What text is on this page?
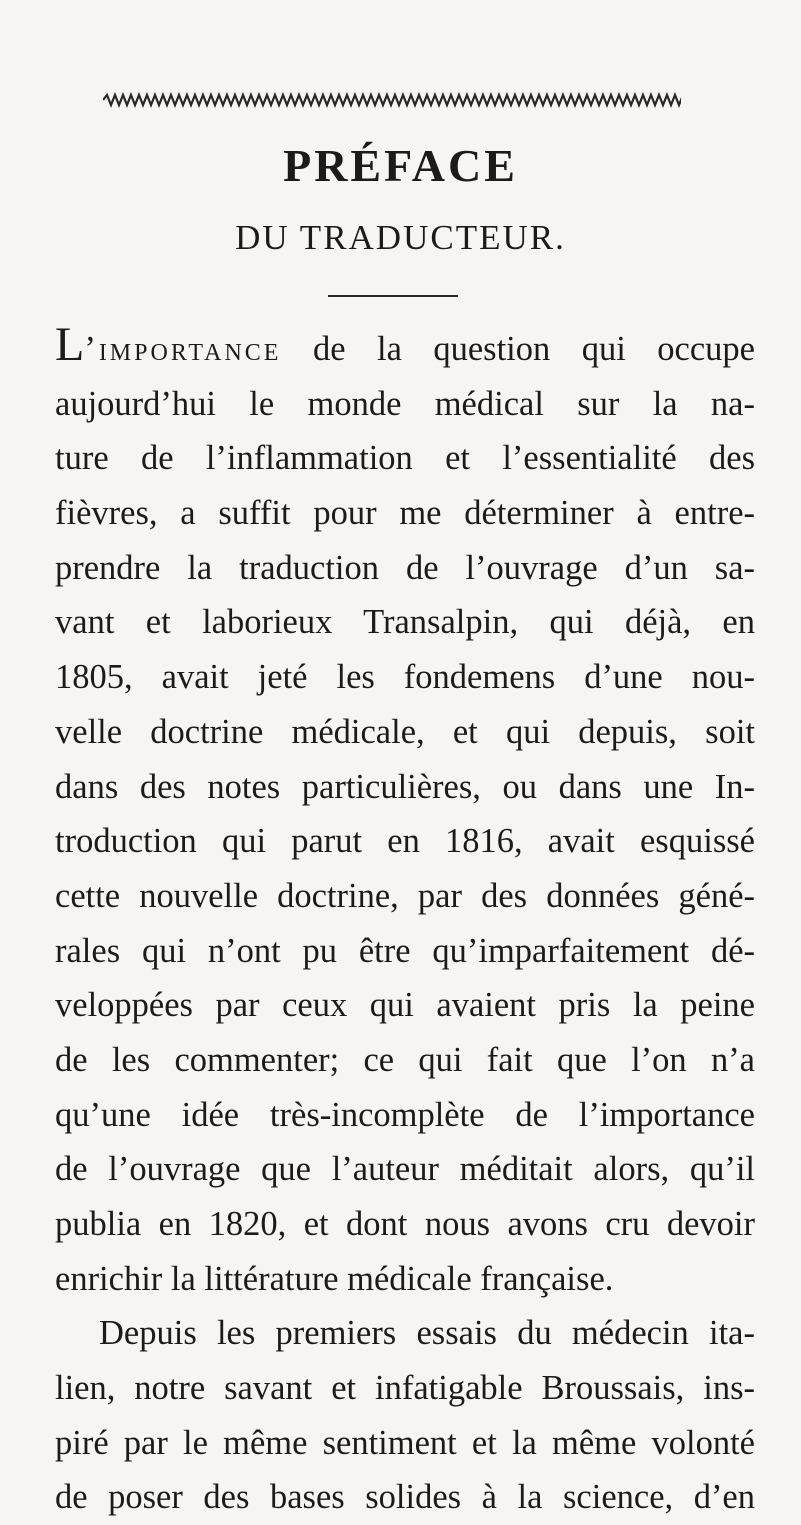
PRÉFACE
DU TRADUCTEUR.
L’importance de la question qui occupe
aujourd’hui le monde médical sur la na-
ture de l’inflammation et l’essentialité des
fièvres, a suffit pour me déterminer à entre-
prendre la traduction de l’ouvrage d’un sa-
vant et laborieux Transalpin, qui déjà, en
1805, avait jeté les fondemens d’une nou-
velle doctrine médicale, et qui depuis, soit
dans des notes particulières, ou dans une In-
troduction qui parut en 1816, avait esquissé
cette nouvelle doctrine, par des données géné-
rales qui n’ont pu être qu’imparfaitement dé-
veloppées par ceux qui avaient pris la peine
de les commenter; ce qui fait que l’on n’a
qu’une idée très-incomplète de l’importance
de l’ouvrage que l’auteur méditait alors, qu’il
publia en 1820, et dont nous avons cru devoir
enrichir la littérature médicale française.
Depuis les premiers essais du médecin ita-
lien, notre savant et infatigable Broussais, ins-
piré par le même sentiment et la même volonté
de poser des bases solides à la science, d’en
